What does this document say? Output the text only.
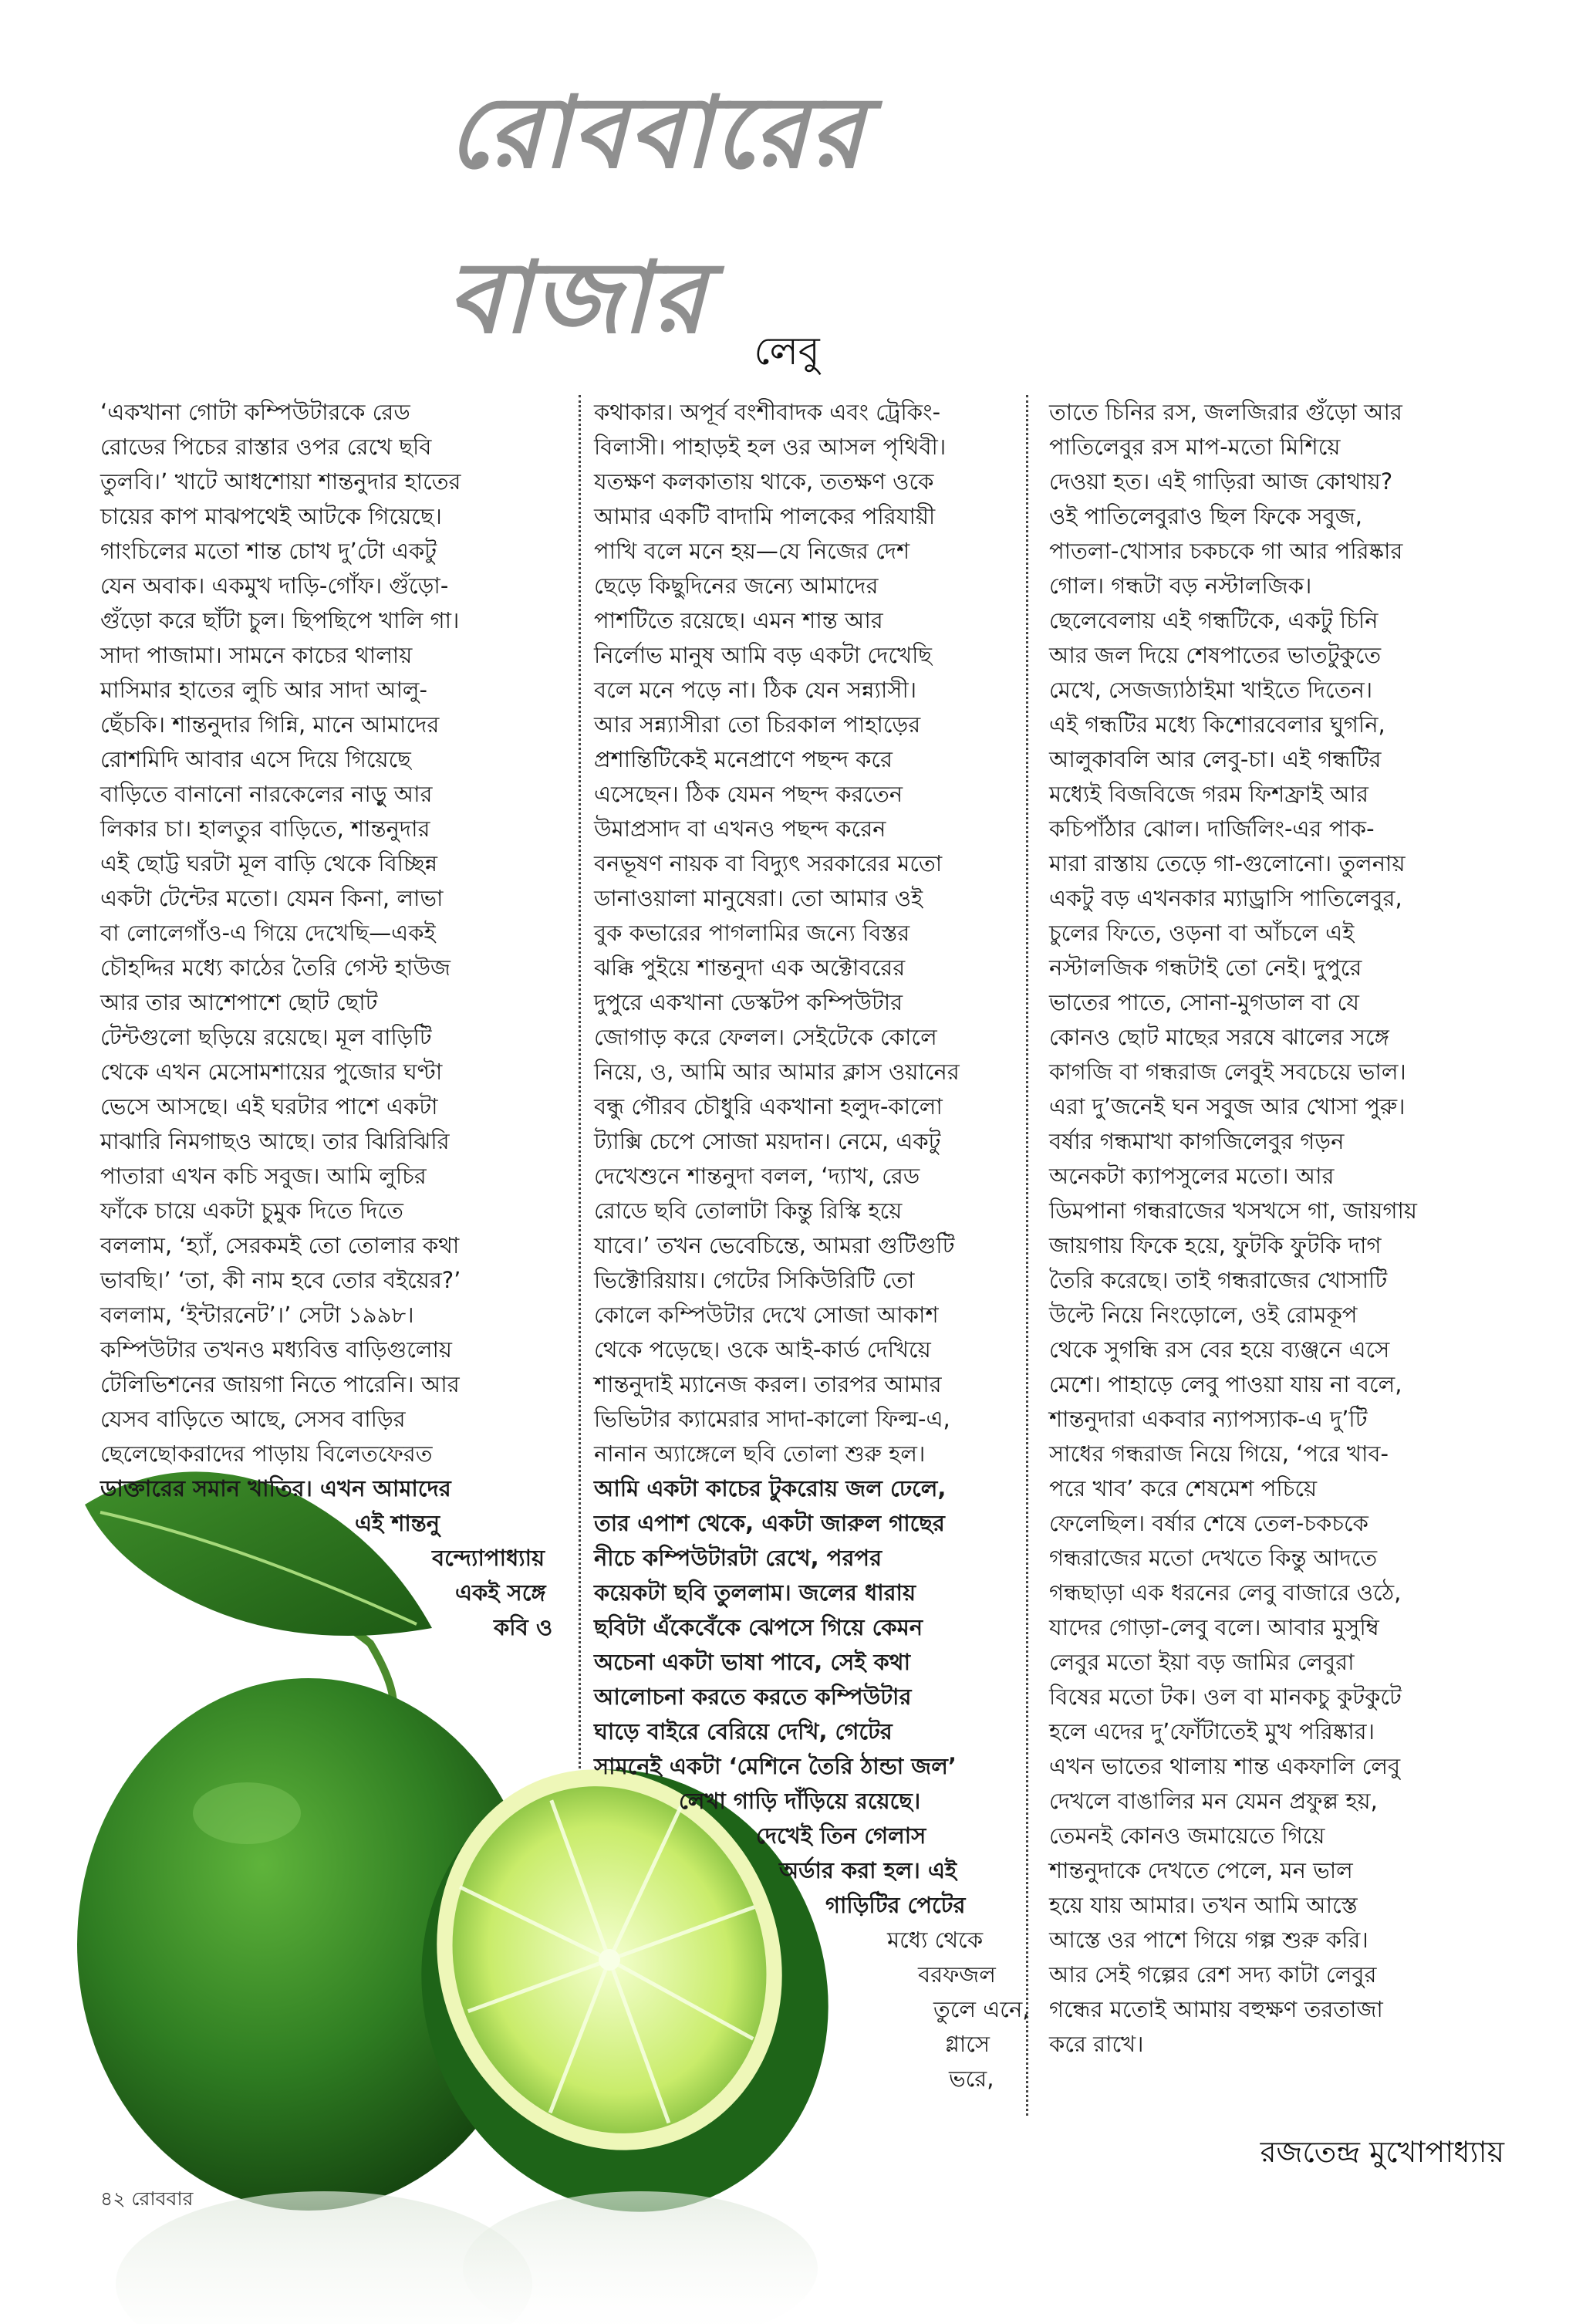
রোববারের বাজার	লেবু

‘একখানা গোটা কম্পিউটারকে রেড

রোডের পিচের রাস্তার ওপর রেখে ছবি

তুলবি।’ খাটে আধশোয়া শান্তনুদার হাতের

চায়ের কাপ মাঝপথেই আটকে গিয়েছে।

গাংচিলের মতো শান্ত চোখ দু’টো একটু

যেন অবাক। একমুখ দাড়ি-গোঁফ। গুঁড়ো-

গুঁড়ো করে ছাঁটা চুল। ছিপছিপে খালি গা।

সাদা পাজামা। সামনে কাচের থালায়

মাসিমার হাতের লুচি আর সাদা আলু-

ছেঁচকি। শান্তনুদার গিন্নি, মানে আমাদের

রোশমিদি আবার এসে দিয়ে গিয়েছে

বাড়িতে বানানো নারকেলের নাড়ু আর

লিকার চা। হালতুর বাড়িতে, শান্তনুদার

এই ছোট্ট ঘরটা মূল বাড়ি থেকে বিচ্ছিন্ন

একটা টেন্টের মতো। যেমন কিনা, লাভা

বা লোলেগাঁও-এ গিয়ে দেখেছি—একই

চৌহদ্দির মধ্যে কাঠের তৈরি গেস্ট হাউজ

আর তার আশেপাশে ছোট ছোট

টেন্টগুলো ছড়িয়ে রয়েছে। মূল বাড়িটি

থেকে এখন মেসোমশায়ের পুজোর ঘণ্টা

ভেসে আসছে। এই ঘরটার পাশে একটা

মাঝারি নিমগাছও আছে। তার ঝিরিঝিরি

পাতারা এখন কচি সবুজ। আমি লুচির

ফাঁকে চায়ে একটা চুমুক দিতে দিতে

বললাম, ‘হ্যাঁ, সেরকমই তো তোলার কথা

ভাবছি।’ ‘তা, কী নাম হবে তোর বইয়ের?’

বললাম, ‘ইন্টারনেট’।’ সেটা ১৯৯৮।

কম্পিউটার তখনও মধ্যবিত্ত বাড়িগুলোয়

টেলিভিশনের জায়গা নিতে পারেনি। আর

যেসব বাড়িতে আছে, সেসব বাড়ির

ছেলেছোকরাদের পাড়ায় বিলেতফেরত

ডাক্তারের সমান খাতির। এখন আমাদের

এই শান্তনু

বন্দ্যোপাধ্যায়

একই সঙ্গে

কবি ও

কথাকার। অপূর্ব বংশীবাদক এবং ট্রেকিং-

বিলাসী। পাহাড়ই হল ওর আসল পৃথিবী।

যতক্ষণ কলকাতায় থাকে, ততক্ষণ ওকে

আমার একটি বাদামি পালকের পরিযায়ী

পাখি বলে মনে হয়—যে নিজের দেশ

ছেড়ে কিছুদিনের জন্যে আমাদের

পাশটিতে রয়েছে। এমন শান্ত আর

নির্লোভ মানুষ আমি বড় একটা দেখেছি

বলে মনে পড়ে না। ঠিক যেন সন্ন্যাসী।

আর সন্ন্যাসীরা তো চিরকাল পাহাড়ের

প্রশান্তিটিকেই মনেপ্রাণে পছন্দ করে

এসেছেন। ঠিক যেমন পছন্দ করতেন

উমাপ্রসাদ বা এখনও পছন্দ করেন

বনভূষণ নায়ক বা বিদ্যুৎ সরকারের মতো

ডানাওয়ালা মানুষেরা। তো আমার ওই

বুক কভারের পাগলামির জন্যে বিস্তর

ঝক্কি পুইয়ে শান্তনুদা এক অক্টোবরের

দুপুরে একখানা ডেস্কটপ কম্পিউটার

জোগাড় করে ফেলল। সেইটেকে কোলে

নিয়ে, ও, আমি আর আমার ক্লাস ওয়ানের

বন্ধু গৌরব চৌধুরি একখানা হলুদ-কালো

ট্যাক্সি চেপে সোজা ময়দান। নেমে, একটু

দেখেশুনে শান্তনুদা বলল, ‘দ্যাখ, রেড

রোডে ছবি তোলাটা কিন্তু রিস্কি হয়ে

যাবে।’ তখন ভেবেচিন্তে, আমরা গুটিগুটি

ভিক্টোরিয়ায়। গেটের সিকিউরিটি তো

কোলে কম্পিউটার দেখে সোজা আকাশ

থেকে পড়েছে। ওকে আই-কার্ড দেখিয়ে

শান্তনুদাই ম্যানেজ করল। তারপর আমার

ভিভিটার ক্যামেরার সাদা-কালো ফিল্ম-এ,

নানান অ্যাঙ্গেলে ছবি তোলা শুরু হল।

আমি একটা কাচের টুকরোয় জল ঢেলে,

তার এপাশ থেকে, একটা জারুল গাছের

নীচে কম্পিউটারটা রেখে, পরপর

কয়েকটা ছবি তুললাম। জলের ধারায়

ছবিটা এঁকেবেঁকে ঝেপসে গিয়ে কেমন

অচেনা একটা ভাষা পাবে, সেই কথা

আলোচনা করতে করতে কম্পিউটার

ঘাড়ে বাইরে বেরিয়ে দেখি, গেটের

সামনেই একটা ‘মেশিনে তৈরি ঠান্ডা জল’

লেখা গাড়ি দাঁড়িয়ে রয়েছে।

দেখেই তিন গেলাস

অর্ডার করা হল। এই

গাড়িটির পেটের

মধ্যে থেকে

বরফজল

তুলে এনে,

গ্লাসে

ভরে,

তাতে চিনির রস, জলজিরার গুঁড়ো আর

পাতিলেবুর রস মাপ-মতো মিশিয়ে

দেওয়া হত। এই গাড়িরা আজ কোথায়?

ওই পাতিলেবুরাও ছিল ফিকে সবুজ,

পাতলা-খোসার চকচকে গা আর পরিষ্কার

গোল। গন্ধটা বড় নস্টালজিক।

ছেলেবেলায় এই গন্ধটিকে, একটু চিনি

আর জল দিয়ে শেষপাতের ভাতটুকুতে

মেখে, সেজজ্যাঠাইমা খাইতে দিতেন।

এই গন্ধটির মধ্যে কিশোরবেলার ঘুগনি,

আলুকাবলি আর লেবু-চা। এই গন্ধটির

মধ্যেই বিজবিজে গরম ফিশফ্রাই আর

কচিপাঁঠার ঝোল। দার্জিলিং-এর পাক-

মারা রাস্তায় তেড়ে গা-গুলোনো। তুলনায়

একটু বড় এখনকার ম্যাড্রাসি পাতিলেবুর,

চুলের ফিতে, ওড়না বা আঁচলে এই

নস্টালজিক গন্ধটাই তো নেই। দুপুরে

ভাতের পাতে, সোনা-মুগডাল বা যে

কোনও ছোট মাছের সরষে ঝালের সঙ্গে

কাগজি বা গন্ধরাজ লেবুই সবচেয়ে ভাল।

এরা দু’জনেই ঘন সবুজ আর খোসা পুরু।

বর্ষার গন্ধমাখা কাগজিলেবুর গড়ন

অনেকটা ক্যাপসুলের মতো। আর

ডিমপানা গন্ধরাজের খসখসে গা, জায়গায়

জায়গায় ফিকে হয়ে, ফুটকি ফুটকি দাগ

তৈরি করেছে। তাই গন্ধরাজের খোসাটি

উল্টে নিয়ে নিংড়োলে, ওই রোমকূপ

থেকে সুগন্ধি রস বের হয়ে ব্যঞ্জনে এসে

মেশে। পাহাড়ে লেবু পাওয়া যায় না বলে,

শান্তনুদারা একবার ন্যাপস্যাক-এ দু’টি

সাধের গন্ধরাজ নিয়ে গিয়ে, ‘পরে খাব-

পরে খাব’ করে শেষমেশ পচিয়ে

ফেলেছিল। বর্ষার শেষে তেল-চকচকে

গন্ধরাজের মতো দেখতে কিন্তু আদতে

গন্ধছাড়া এক ধরনের লেবু বাজারে ওঠে,

যাদের গোড়া-লেবু বলে। আবার মুসুম্বি

লেবুর মতো ইয়া বড় জামির লেবুরা

বিষের মতো টক। ওল বা মানকচু কুটকুটে

হলে এদের দু’ফোঁটাতেই মুখ পরিষ্কার।

এখন ভাতের থালায় শান্ত একফালি লেবু

দেখলে বাঙালির মন যেমন প্রফুল্ল হয়,

তেমনই কোনও জমায়েতে গিয়ে

শান্তনুদাকে দেখতে পেলে, মন ভাল

হয়ে যায় আমার। তখন আমি আস্তে

আস্তে ওর পাশে গিয়ে গল্প শুরু করি।

আর সেই গল্পের রেশ সদ্য কাটা লেবুর

গন্ধের মতোই আমায় বহুক্ষণ তরতাজা

করে রাখে।

রজতেন্দ্র মুখোপাধ্যায়
৪২ রোববার
